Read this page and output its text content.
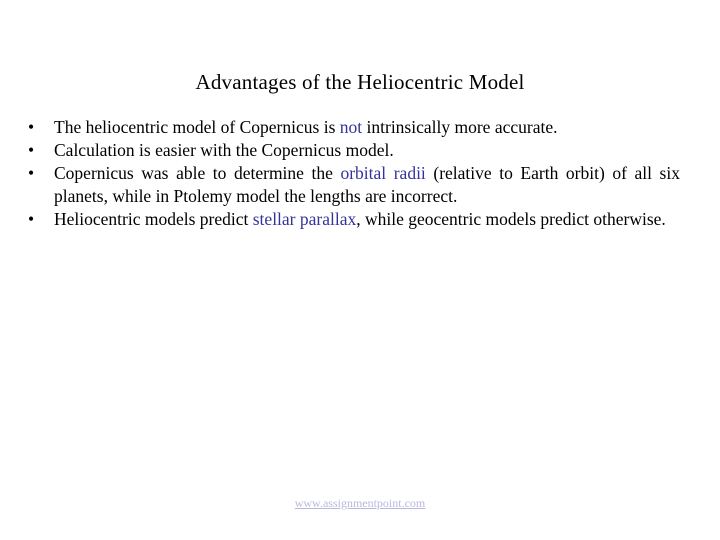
Advantages of the Heliocentric Model
• The heliocentric model of Copernicus is not intrinsically more accurate.
• Calculation is easier with the Copernicus model.
• Copernicus was able to determine the orbital radii (relative to Earth orbit) of all six planets, while in Ptolemy model the lengths are incorrect.
• Heliocentric models predict stellar parallax, while geocentric models predict otherwise.
www.assignmentpoint.com
